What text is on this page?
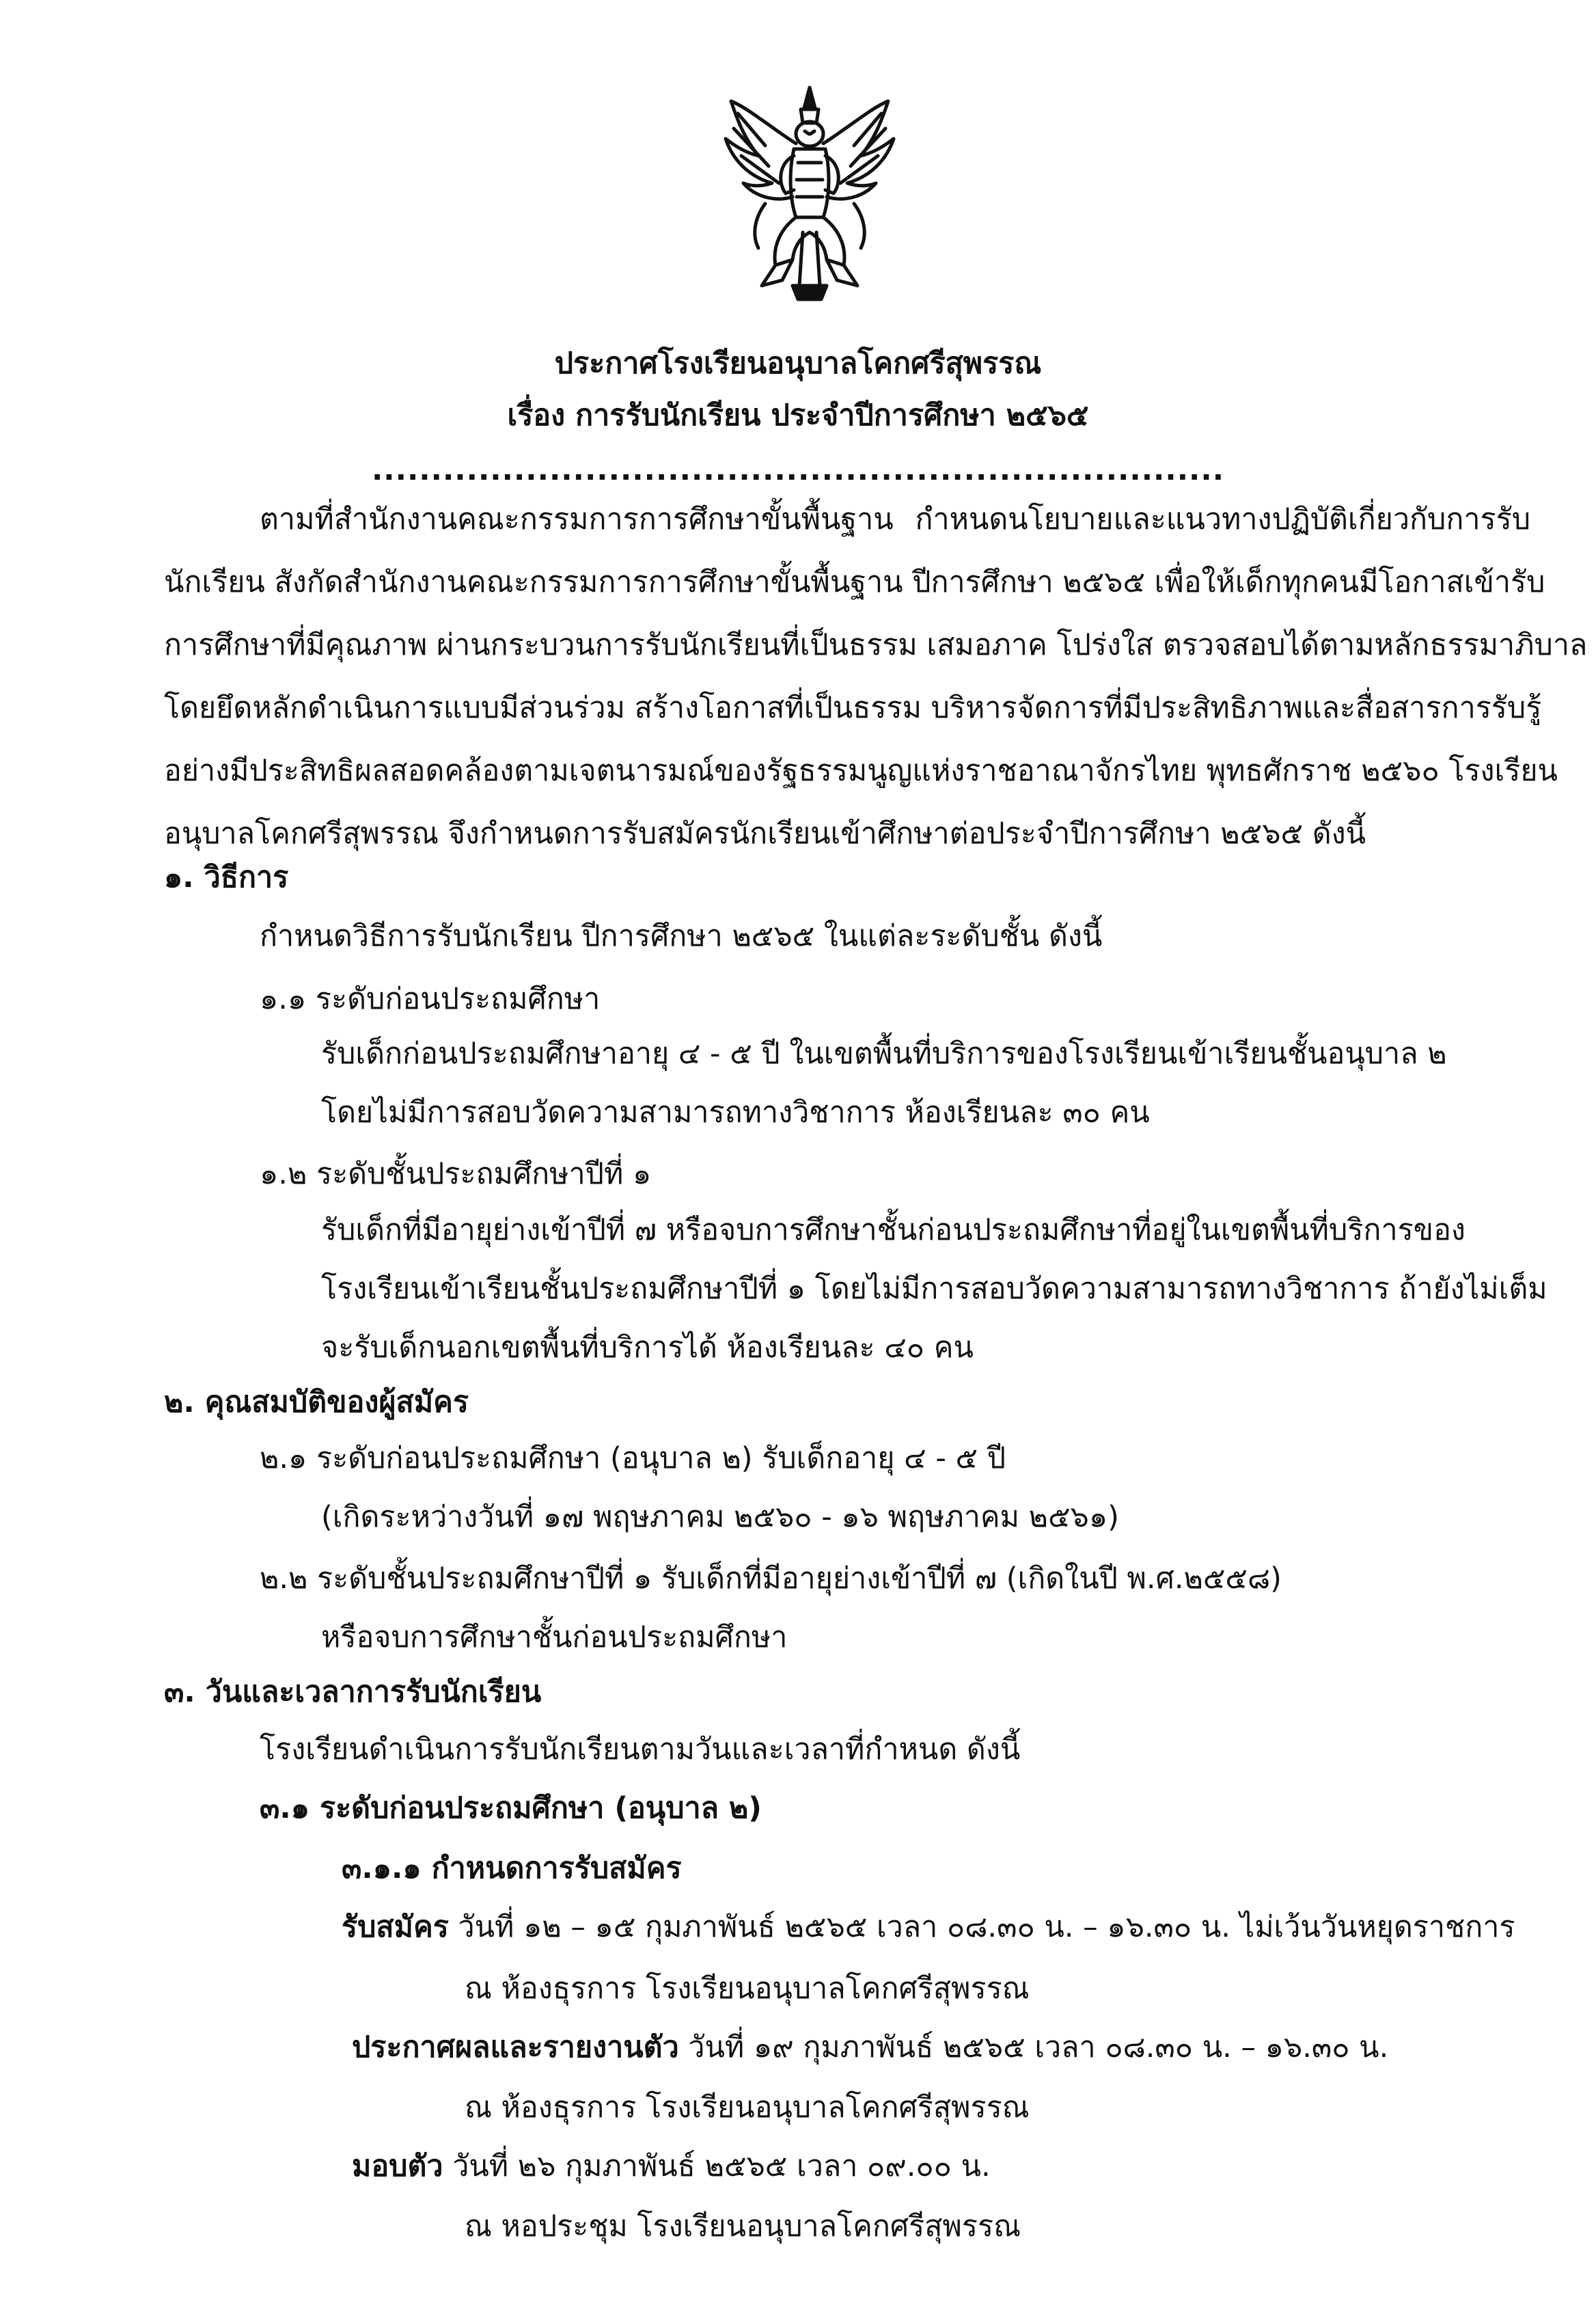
ประกาศโรงเรียนอนุบาลโคกศรีสุพรรณ
เรื่อง การรับนักเรียน ประจำปีการศึกษา ๒๕๖๕
........................................................................
ตามที่สำนักงานคณะกรรมการการศึกษาขั้นพื้นฐาน กำหนดนโยบายและแนวทางปฏิบัติเกี่ยวกับการรับ
นักเรียน สังกัดสำนักงานคณะกรรมการการศึกษาขั้นพื้นฐาน ปีการศึกษา ๒๕๖๕ เพื่อให้เด็กทุกคนมีโอกาสเข้ารับ
การศึกษาที่มีคุณภาพ ผ่านกระบวนการรับนักเรียนที่เป็นธรรม เสมอภาค โปร่งใส ตรวจสอบได้ตามหลักธรรมาภิบาล
โดยยึดหลักดำเนินการแบบมีส่วนร่วม สร้างโอกาสที่เป็นธรรม บริหารจัดการที่มีประสิทธิภาพและสื่อสารการรับรู้
อย่างมีประสิทธิผลสอดคล้องตามเจตนารมณ์ของรัฐธรรมนูญแห่งราชอาณาจักรไทย พุทธศักราช ๒๕๖๐ โรงเรียน
อนุบาลโคกศรีสุพรรณ จึงกำหนดการรับสมัครนักเรียนเข้าศึกษาต่อประจำปีการศึกษา ๒๕๖๕ ดังนี้
๑. วิธีการ
กำหนดวิธีการรับนักเรียน ปีการศึกษา ๒๕๖๕ ในแต่ละระดับชั้น ดังนี้
๑.๑ ระดับก่อนประถมศึกษา
รับเด็กก่อนประถมศึกษาอายุ ๔ - ๕ ปี ในเขตพื้นที่บริการของโรงเรียนเข้าเรียนชั้นอนุบาล ๒
โดยไม่มีการสอบวัดความสามารถทางวิชาการ ห้องเรียนละ ๓๐ คน
๑.๒ ระดับชั้นประถมศึกษาปีที่ ๑
รับเด็กที่มีอายุย่างเข้าปีที่ ๗ หรือจบการศึกษาชั้นก่อนประถมศึกษาที่อยู่ในเขตพื้นที่บริการของ
โรงเรียนเข้าเรียนชั้นประถมศึกษาปีที่ ๑ โดยไม่มีการสอบวัดความสามารถทางวิชาการ ถ้ายังไม่เต็ม
จะรับเด็กนอกเขตพื้นที่บริการได้ ห้องเรียนละ ๔๐ คน
๒. คุณสมบัติของผู้สมัคร
๒.๑ ระดับก่อนประถมศึกษา (อนุบาล ๒) รับเด็กอายุ ๔ - ๕ ปี
(เกิดระหว่างวันที่ ๑๗ พฤษภาคม ๒๕๖๐ - ๑๖ พฤษภาคม ๒๕๖๑)
๒.๒ ระดับชั้นประถมศึกษาปีที่ ๑ รับเด็กที่มีอายุย่างเข้าปีที่ ๗ (เกิดในปี พ.ศ.๒๕๕๘)
หรือจบการศึกษาชั้นก่อนประถมศึกษา
๓. วันและเวลาการรับนักเรียน
โรงเรียนดำเนินการรับนักเรียนตามวันและเวลาที่กำหนด ดังนี้
๓.๑ ระดับก่อนประถมศึกษา (อนุบาล ๒)
๓.๑.๑ กำหนดการรับสมัคร
รับสมัคร วันที่ ๑๒ – ๑๕ กุมภาพันธ์ ๒๕๖๕ เวลา ๐๘.๓๐ น. – ๑๖.๓๐ น. ไม่เว้นวันหยุดราชการ
ณ ห้องธุรการ โรงเรียนอนุบาลโคกศรีสุพรรณ
ประกาศผลและรายงานตัว วันที่ ๑๙ กุมภาพันธ์ ๒๕๖๕ เวลา ๐๘.๓๐ น. – ๑๖.๓๐ น.
ณ ห้องธุรการ โรงเรียนอนุบาลโคกศรีสุพรรณ
มอบตัว วันที่ ๒๖ กุมภาพันธ์ ๒๕๖๕ เวลา ๐๙.๐๐ น.
ณ หอประชุม โรงเรียนอนุบาลโคกศรีสุพรรณ
